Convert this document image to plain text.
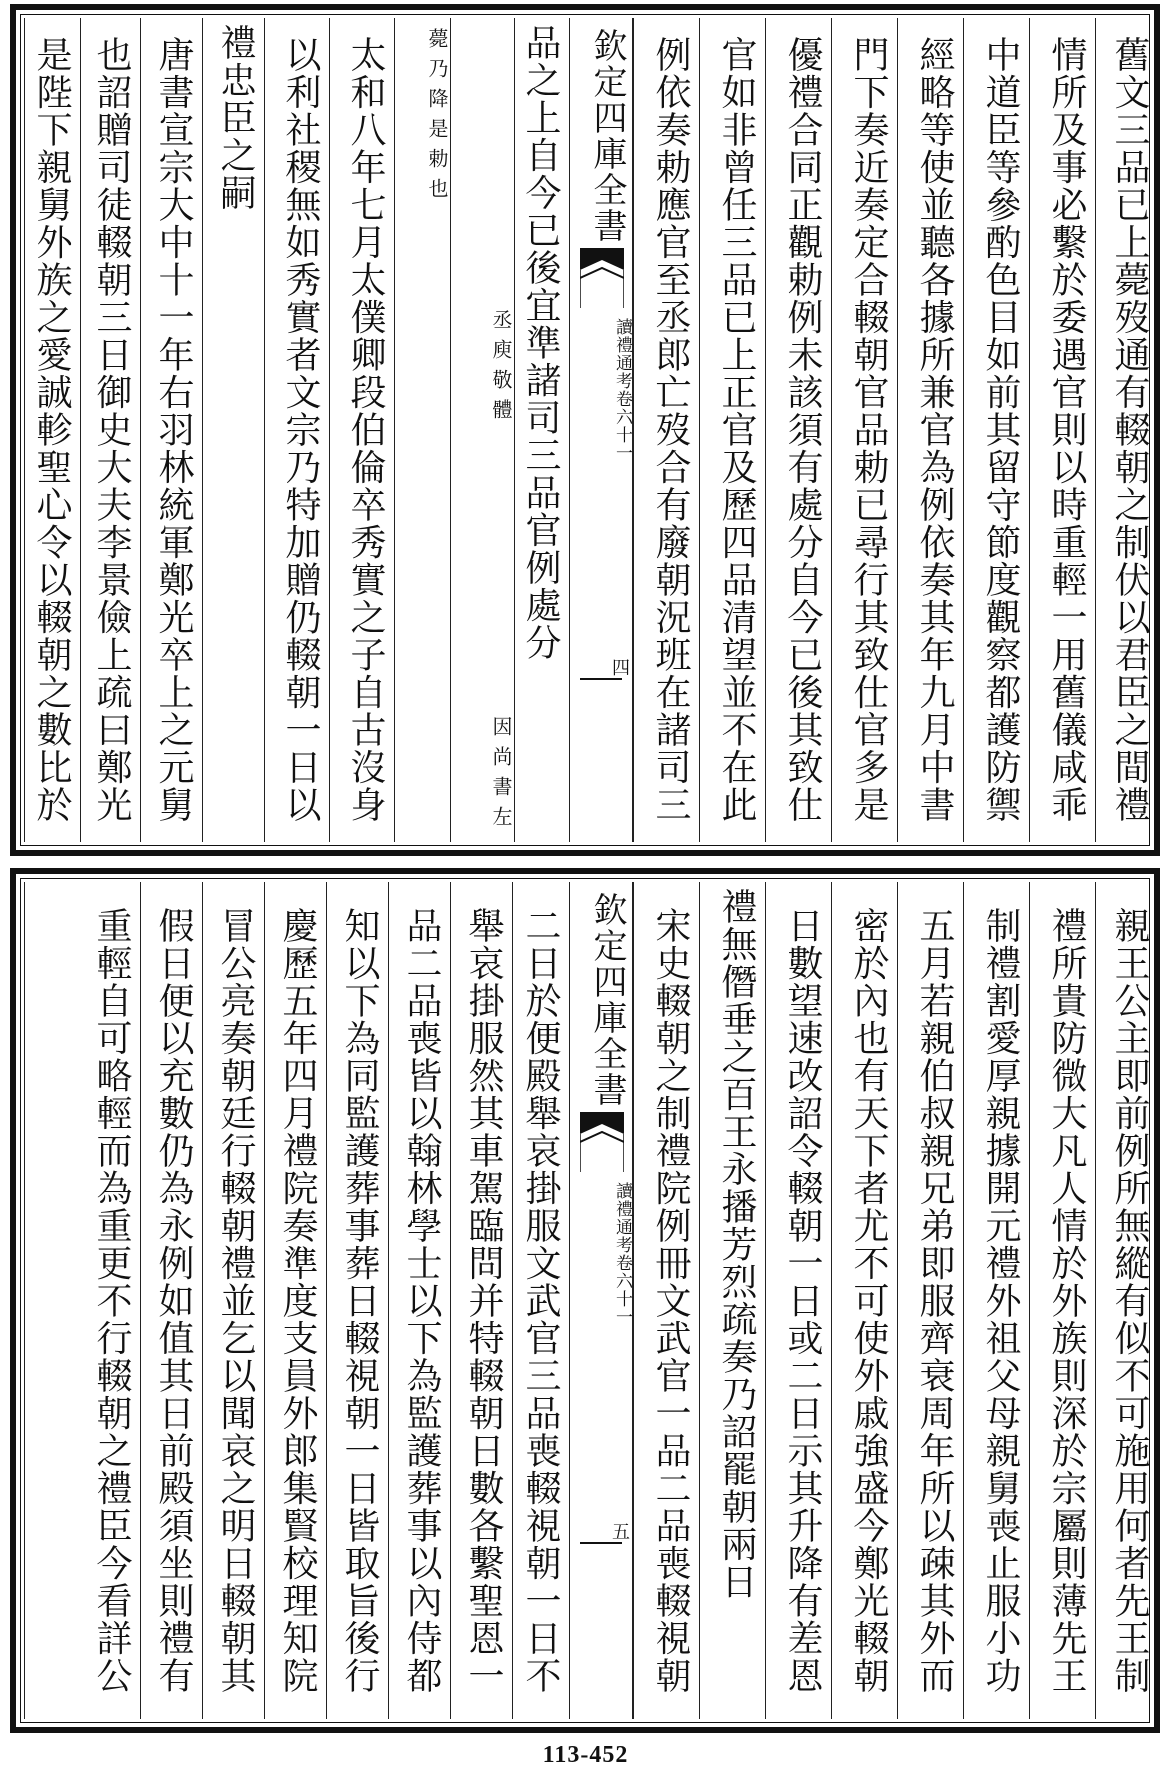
舊文三品已上薨歿通有輟朝之制伏以君臣之間禮
情所及事必繫於委遇官則以時重輕一用舊儀咸乖
中道臣等參酌色目如前其留守節度觀察都護防禦
經略等使並聽各據所兼官為例依奏其年九月中書
門下奏近奏定合輟朝官品勅已尋行其致仕官多是
優禮合同正觀勅例未該須有處分自今已後其致仕
官如非曾任三品已上正官及歷四品清望並不在此
例依奏勅應官至丞郎亡歿合有廢朝況班在諸司三
欽定四庫全書
讀禮通考
卷六十一
四
品之上自今已後宜準諸司三品官例處分
丞庾敬體
因尚書左
薨乃降是勅也
太和八年七月太僕卿段伯倫卒秀實之子自古沒身
以利社稷無如秀實者文宗乃特加贈仍輟朝一日以
禮忠臣之嗣
唐書宣宗大中十一年右羽林統軍鄭光卒上之元舅
也詔贈司徒輟朝三日御史大夫李景儉上疏曰鄭光
是陛下親舅外族之愛誠軫聖心令以輟朝之數比於
親王公主即前例所無縱有似不可施用何者先王制
禮所貴防微大凡人情於外族則深於宗屬則薄先王
制禮割愛厚親據開元禮外祖父母親舅喪止服小功
五月若親伯叔親兄弟即服齊衰周年所以疎其外而
密於內也有天下者尤不可使外戚強盛今鄭光輟朝
日數望速改詔令輟朝一日或二日示其升降有差恩
禮無僭垂之百王永播芳烈疏奏乃詔罷朝兩日
宋史輟朝之制禮院例冊文武官一品二品喪輟視朝
欽定四庫全書
讀禮通考
卷六十一
五
二日於便殿舉哀掛服文武官三品喪輟視朝一日不
舉哀掛服然其車駕臨問并特輟朝日數各繫聖恩一
品二品喪皆以翰林學士以下為監護葬事以內侍都
知以下為同監護葬事葬日輟視朝一日皆取旨後行
慶歷五年四月禮院奏準度支員外郎集賢校理知院
冒公亮奏朝廷行輟朝禮並乞以聞哀之明日輟朝其
假日便以充數仍為永例如值其日前殿須坐則禮有
重輕自可略輕而為重更不行輟朝之禮臣今看詳公
113-452
